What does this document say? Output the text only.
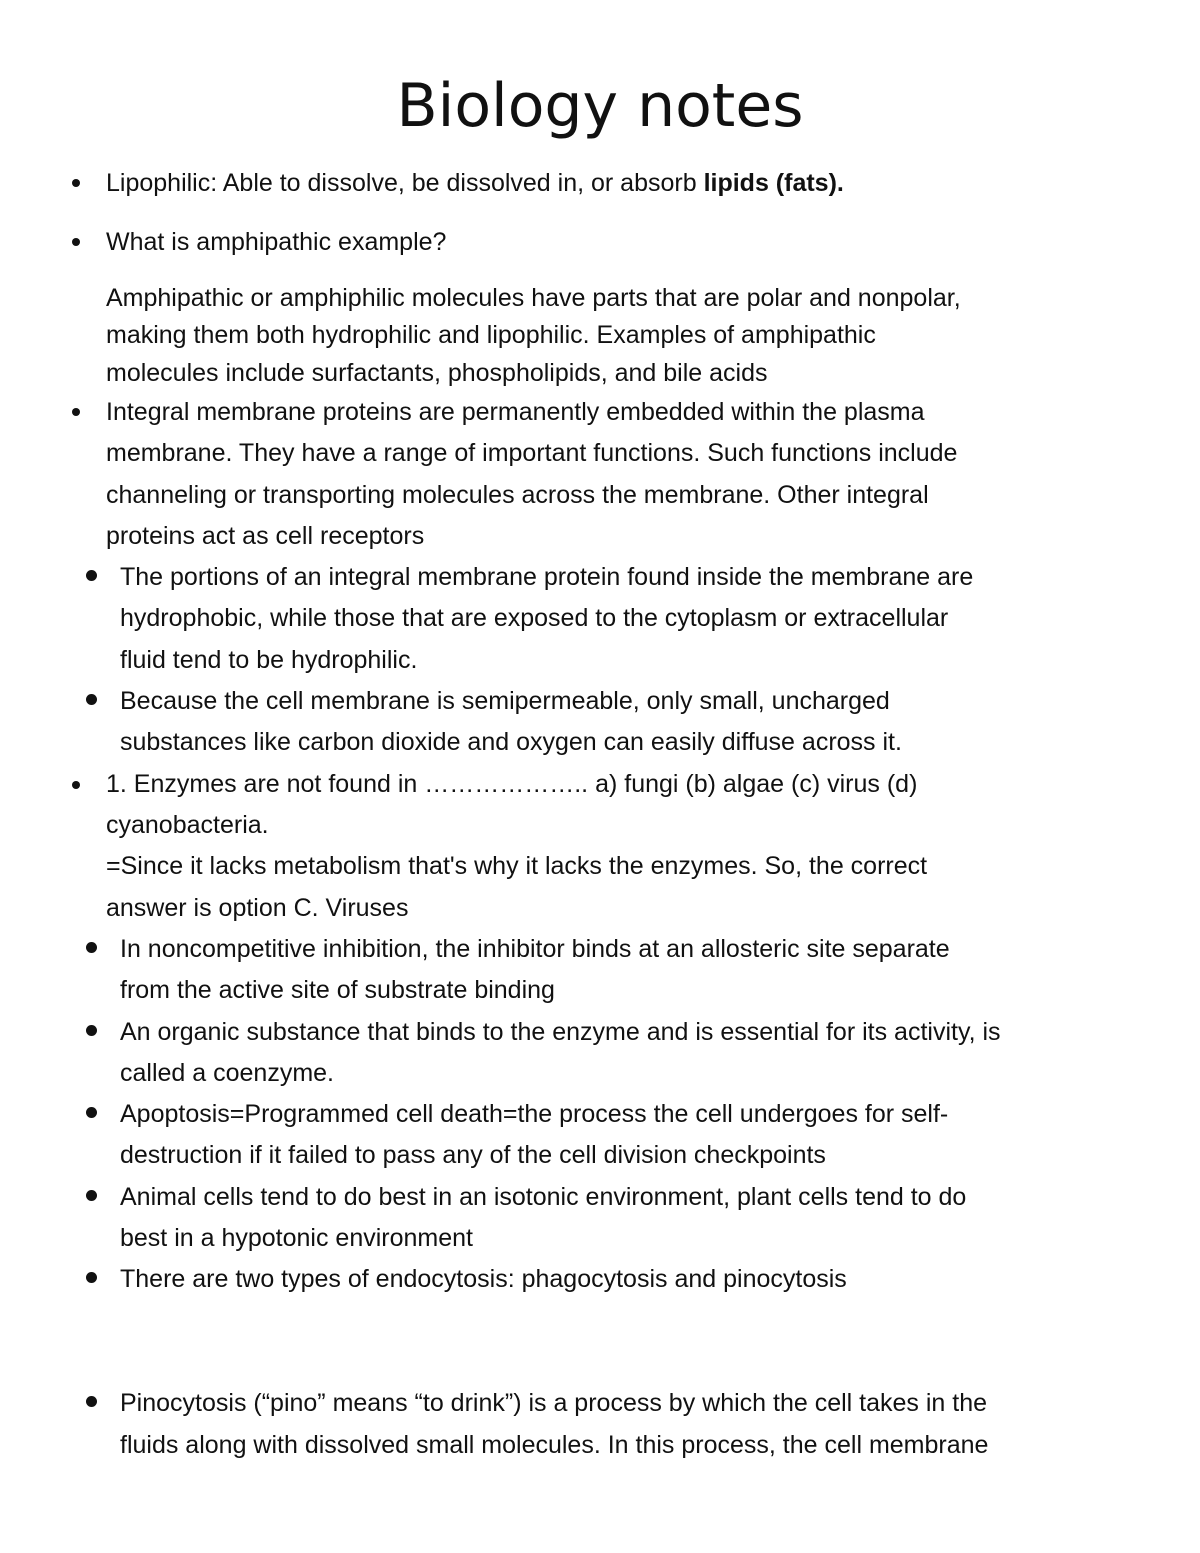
Biology notes
Lipophilic: Able to dissolve, be dissolved in, or absorb lipids (fats).
What is amphipathic example?
Amphipathic or amphiphilic molecules have parts that are polar and nonpolar,
making them both hydrophilic and lipophilic. Examples of amphipathic
molecules include surfactants, phospholipids, and bile acids
Integral membrane proteins are permanently embedded within the plasma
membrane. They have a range of important functions. Such functions include
channeling or transporting molecules across the membrane. Other integral
proteins act as cell receptors
The portions of an integral membrane protein found inside the membrane are
hydrophobic, while those that are exposed to the cytoplasm or extracellular
fluid tend to be hydrophilic.
Because the cell membrane is semipermeable, only small, uncharged
substances like carbon dioxide and oxygen can easily diffuse across it.
1. Enzymes are not found in ……………….. a) fungi (b) algae (c) virus (d)
cyanobacteria.
=Since it lacks metabolism that's why it lacks the enzymes. So, the correct
answer is option C. Viruses
In noncompetitive inhibition, the inhibitor binds at an allosteric site separate
from the active site of substrate binding
An organic substance that binds to the enzyme and is essential for its activity, is
called a coenzyme.
Apoptosis=Programmed cell death=the process the cell undergoes for self-
destruction if it failed to pass any of the cell division checkpoints
Animal cells tend to do best in an isotonic environment, plant cells tend to do
best in a hypotonic environment
There are two types of endocytosis: phagocytosis and pinocytosis
Pinocytosis (“pino” means “to drink”) is a process by which the cell takes in the
fluids along with dissolved small molecules. In this process, the cell membrane
